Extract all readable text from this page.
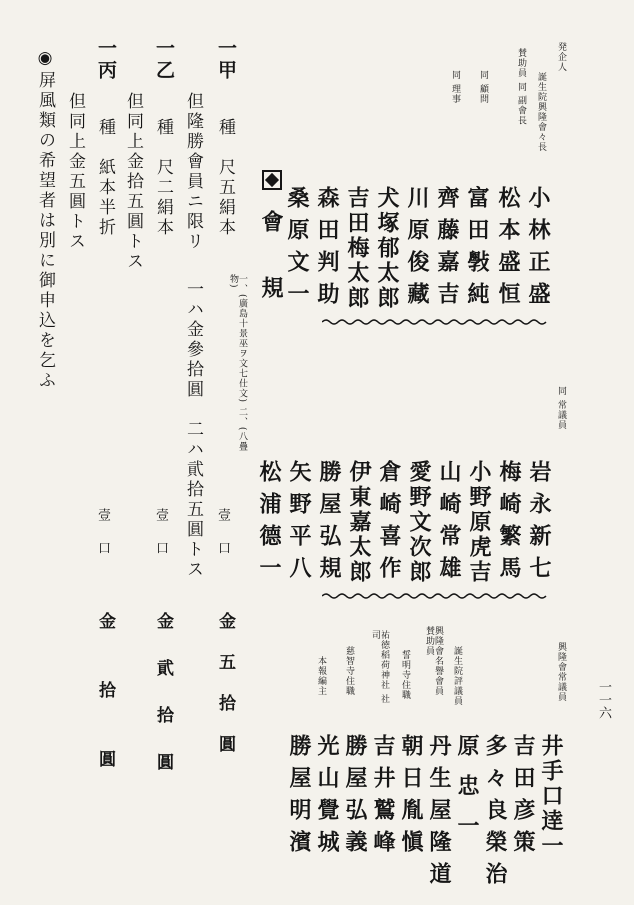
一一六
発企人
誕生院興隆會々長
賛助員 同 副會長
同 顧問
同 理事
小林正盛
松本盛恒
富田斅純
齊藤嘉吉
川原俊藏
犬塚郁太郎
吉田梅太郎
森田判助
桑原文一
同 常議員
岩永新七
梅崎繁馬
小野原虎吉
山崎常雄
愛野文次郎
倉崎喜作
伊東嘉太郎
勝屋弘規
矢野平八
松浦德一
興隆會常議員
誕生院評議員
興隆會名譽會員 賛助員
誓明寺住職
祐徳稻荷神社 社司
慈智寺住職
本報編主
井手口逹一
吉田彦策
多々良榮治
原忠一
丹生屋隆道
朝日胤愼
吉井鷲峰
勝屋弘義
光山覺城
勝屋明濱
會規
一甲
種　尺五絹本
一、(廣島十景巫ヲ文七仕文) 二、(八疊　物)
壹口
金五拾圓
一ハ金參拾圓　二ハ貮拾五圓トス
但隆勝會員ニ限リ
一乙
種　尺二絹本
壹口
金貮拾圓
但同上金拾五圓トス
一丙
種　紙本半折
壹口
金拾圓
但同上金五圓トス
◉屏風類の希望者は別に御申込を乞ふ
